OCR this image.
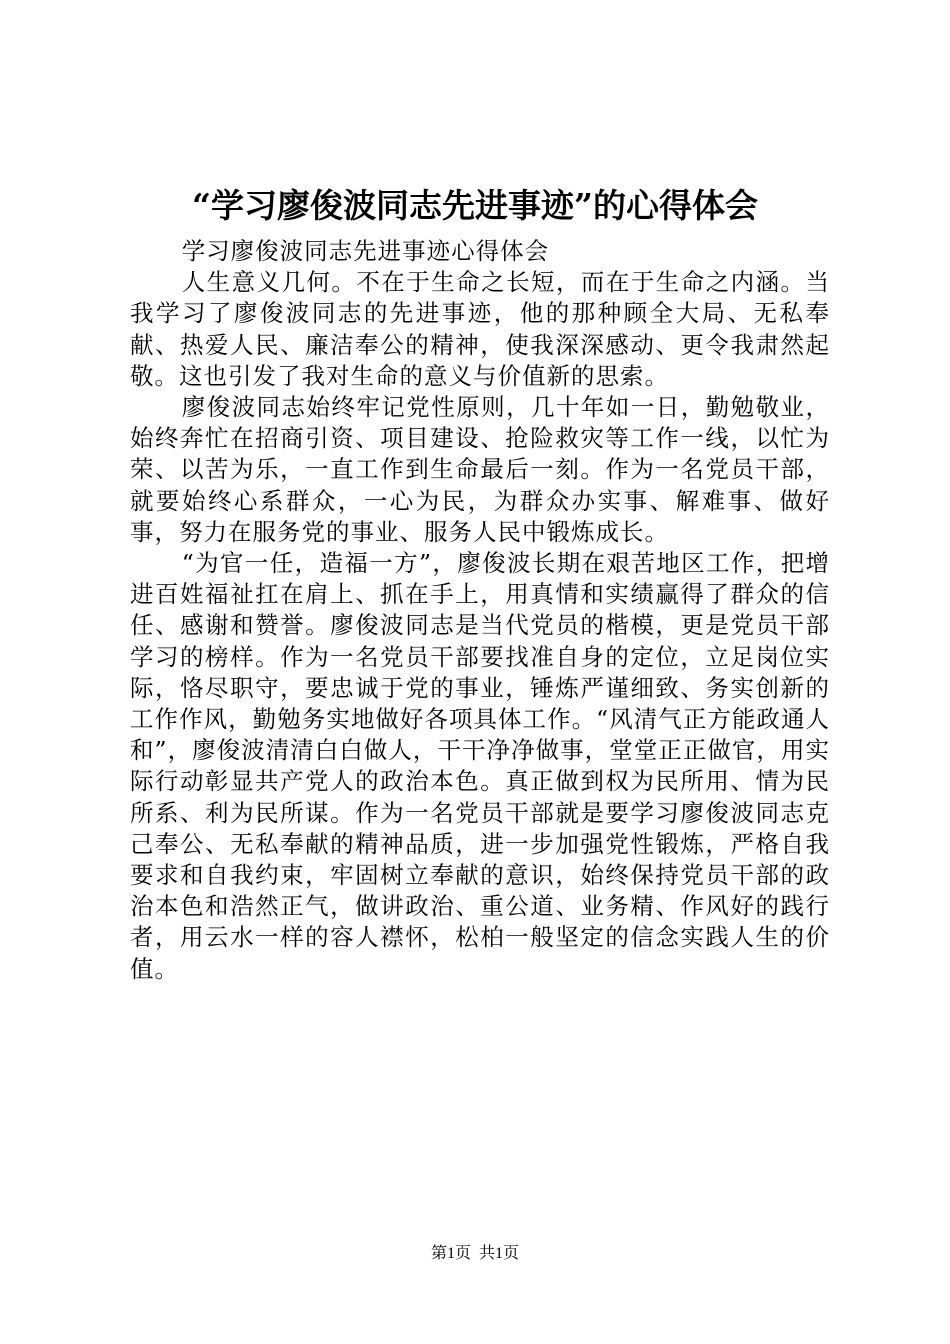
“学习廖俊波同志先进事迹”的心得体会

学习廖俊波同志先进事迹心得体会

人生意义几何。不在于生命之长短，而在于生命之内涵。当我学习了廖俊波同志的先进事迹，他的那种顾全大局、无私奉献、热爱人民、廉洁奉公的精神，使我深深感动、更令我肃然起敬。这也引发了我对生命的意义与价值新的思索。

廖俊波同志始终牢记党性原则，几十年如一日，勤勉敬业，始终奔忙在招商引资、项目建设、抢险救灾等工作一线，以忙为荣、以苦为乐，一直工作到生命最后一刻。作为一名党员干部，就要始终心系群众，一心为民，为群众办实事、解难事、做好事，努力在服务党的事业、服务人民中锻炼成长。

“为官一任，造福一方”，廖俊波长期在艰苦地区工作，把增进百姓福祉扛在肩上、抓在手上，用真情和实绩赢得了群众的信任、感谢和赞誉。廖俊波同志是当代党员的楷模，更是党员干部学习的榜样。作为一名党员干部要找准自身的定位，立足岗位实际，恪尽职守，要忠诚于党的事业，锤炼严谨细致、务实创新的工作作风，勤勉务实地做好各项具体工作。“风清气正方能政通人和”，廖俊波清清白白做人，干干净净做事，堂堂正正做官，用实际行动彰显共产党人的政治本色。真正做到权为民所用、情为民所系、利为民所谋。作为一名党员干部就是要学习廖俊波同志克己奉公、无私奉献的精神品质，进一步加强党性锻炼，严格自我要求和自我约束，牢固树立奉献的意识，始终保持党员干部的政治本色和浩然正气，做讲政治、重公道、业务精、作风好的践行者，用云水一样的容人襟怀，松柏一般坚定的信念实践人生的价值。

第1页 共1页
